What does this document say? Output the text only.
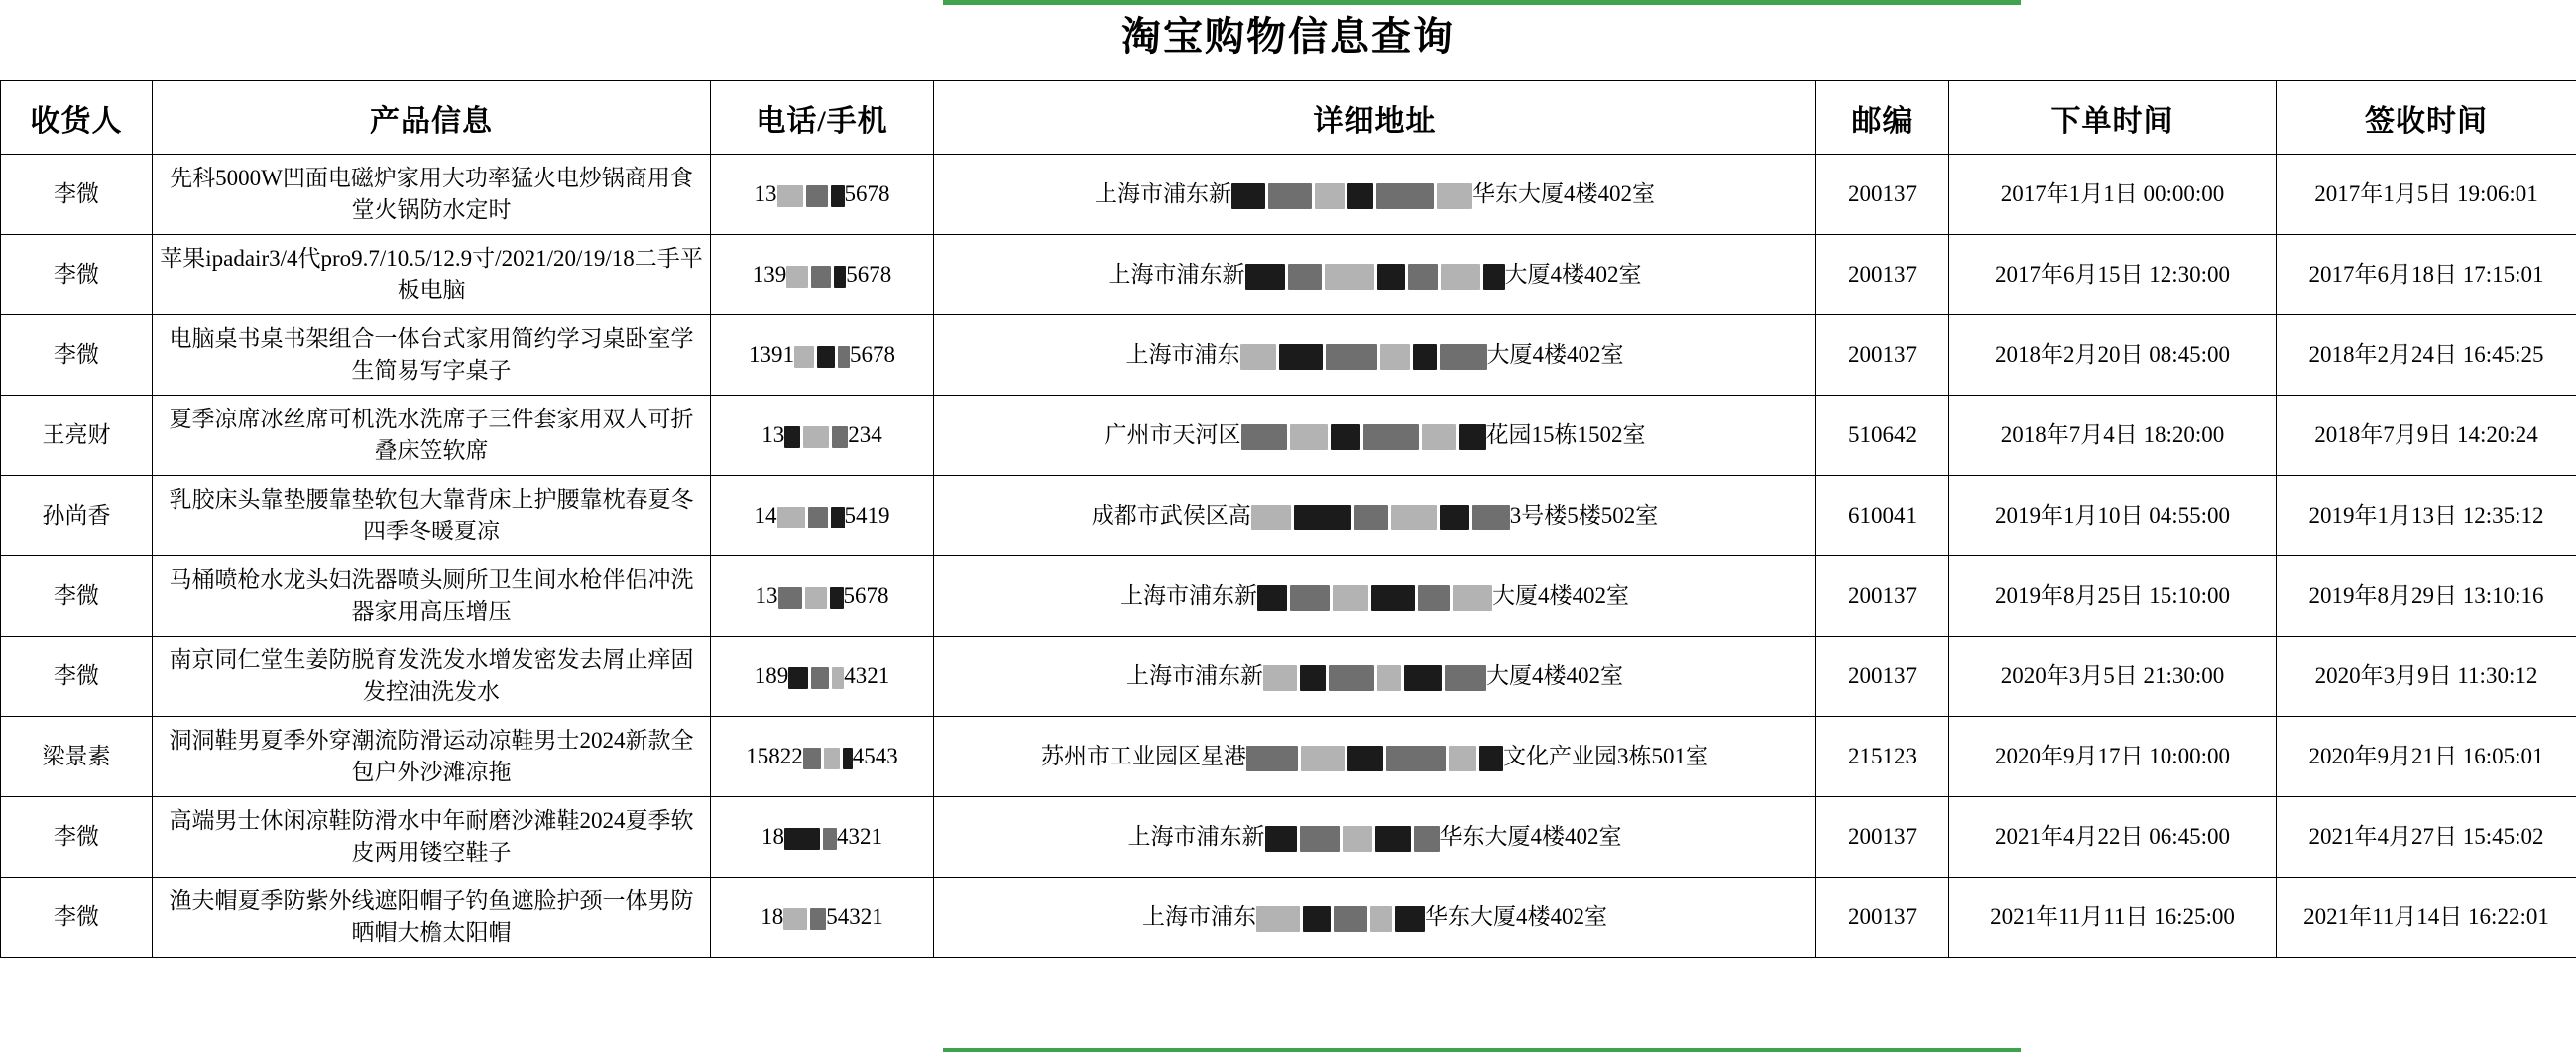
淘宝购物信息查询
收货人	产品信息	电话/手机	详细地址	邮编	下单时间	签收时间
李微	先科5000W凹面电磁炉家用大功率猛火电炒锅商用食堂火锅防水定时	13 5678	上海市浦东新 华东大厦4楼402室	200137	2017年1月1日 00:00:00	2017年1月5日 19:06:01
李微	苹果ipadair3/4代pro9.7/10.5/12.9寸/2021/20/19/18二手平板电脑	139 5678	上海市浦东新 大厦4楼402室	200137	2017年6月15日 12:30:00	2017年6月18日 17:15:01
李微	电脑桌书桌书架组合一体台式家用简约学习桌卧室学生简易写字桌子	1391 5678	上海市浦东 大厦4楼402室	200137	2018年2月20日 08:45:00	2018年2月24日 16:45:25
王亮财	夏季凉席冰丝席可机洗水洗席子三件套家用双人可折叠床笠软席	13 234	广州市天河区 花园15栋1502室	510642	2018年7月4日 18:20:00	2018年7月9日 14:20:24
孙尚香	乳胶床头靠垫腰靠垫软包大靠背床上护腰靠枕春夏冬四季冬暖夏凉	14 5419	成都市武侯区高 3号楼5楼502室	610041	2019年1月10日 04:55:00	2019年1月13日 12:35:12
李微	马桶喷枪水龙头妇洗器喷头厕所卫生间水枪伴侣冲洗器家用高压增压	13 5678	上海市浦东新 大厦4楼402室	200137	2019年8月25日 15:10:00	2019年8月29日 13:10:16
李微	南京同仁堂生姜防脱育发洗发水增发密发去屑止痒固发控油洗发水	189 4321	上海市浦东新 大厦4楼402室	200137	2020年3月5日 21:30:00	2020年3月9日 11:30:12
梁景素	洞洞鞋男夏季外穿潮流防滑运动凉鞋男士2024新款全包户外沙滩凉拖	15822 4543	苏州市工业园区星港 文化产业园3栋501室	215123	2020年9月17日 10:00:00	2020年9月21日 16:05:01
李微	高端男士休闲凉鞋防滑水中年耐磨沙滩鞋2024夏季软皮两用镂空鞋子	18 4321	上海市浦东新 华东大厦4楼402室	200137	2021年4月22日 06:45:00	2021年4月27日 15:45:02
李微	渔夫帽夏季防紫外线遮阳帽子钓鱼遮脸护颈一体男防晒帽大檐太阳帽	18 54321	上海市浦东 华东大厦4楼402室	200137	2021年11月11日 16:25:00	2021年11月14日 16:22:01
